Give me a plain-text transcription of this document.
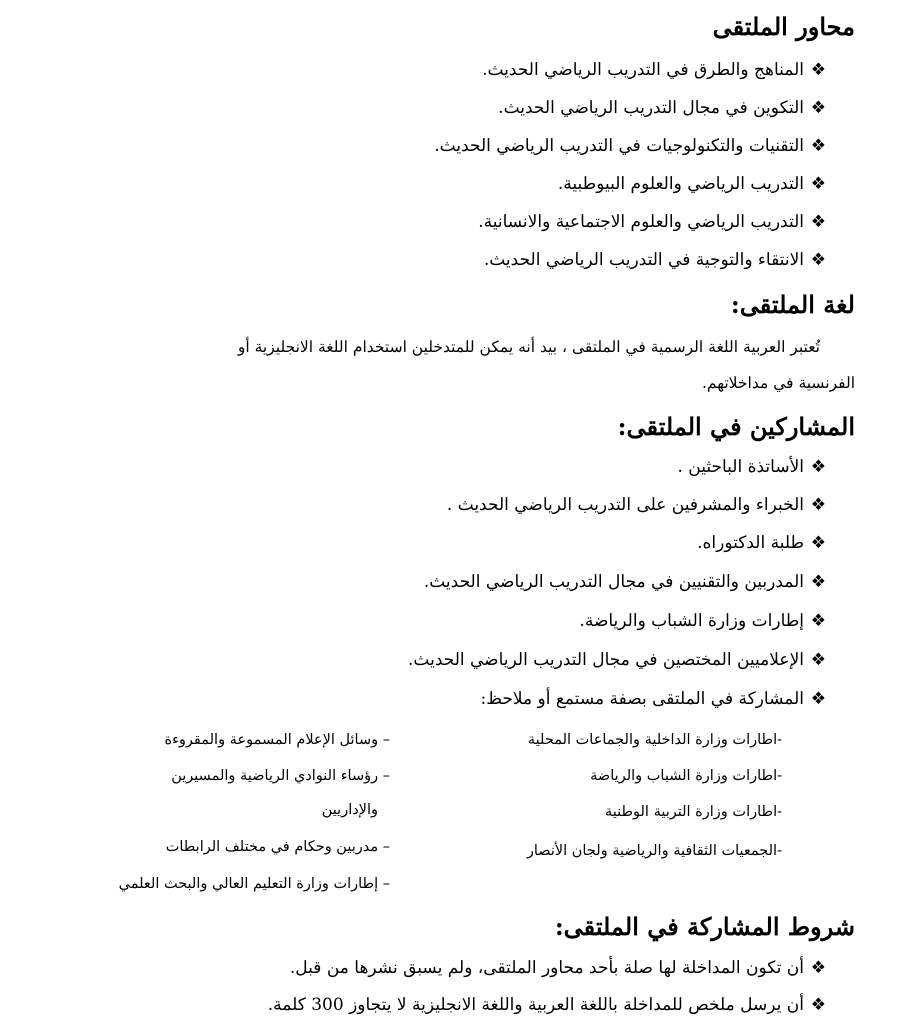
محاور الملتقى
❖المناهج والطرق في التدريب الرياضي الحديث.
❖التكوين في مجال التدريب الرياضي الحديث.
❖التقنيات والتكنولوجيات في التدريب الرياضي الحديث.
❖التدريب الرياضي والعلوم البيوطبية.
❖التدريب الرياضي والعلوم الاجتماعية والانسانية.
❖الانتقاء والتوجية في التدريب الرياضي الحديث.
لغة الملتقى:
تُعتبر العربية اللغة الرسمية في الملتقى ، بيد أنه يمكن للمتدخلين استخدام اللغة الانجليزية أو
الفرنسية في مداخلاتهم.
المشاركين في الملتقى:
❖الأساتذة الباحثين .
❖الخبراء والمشرفين على التدريب الرياضي الحديث .
❖طلبة الدكتوراه.
❖المدربين والتقنيين في مجال التدريب الرياضي الحديث.
❖إطارات وزارة الشباب والرياضة.
❖الإعلاميين المختصين في مجال التدريب الرياضي الحديث.
❖المشاركة في الملتقى بصفة مستمع أو ملاحظ:
-اطارات وزارة الداخلية والجماعات المحلية
-اطارات وزارة الشباب والرياضة
-اطارات وزارة التربية الوطنية
-الجمعيات الثقافية والرياضية ولجان الأنصار
– وسائل الإعلام المسموعة والمقروءة
– رؤساء النوادي الرياضية والمسيرين
والإداريين
– مدربين وحكام في مختلف الرابطات
– إطارات وزارة التعليم العالي والبحث العلمي
شروط المشاركة في الملتقى:
❖أن تكون المداخلة لها صلة بأحد محاور الملتقى، ولم يسبق نشرها من قبل.
❖أن يرسل ملخص للمداخلة باللغة العربية واللغة الانجليزية لا يتجاوز 300 كلمة.
